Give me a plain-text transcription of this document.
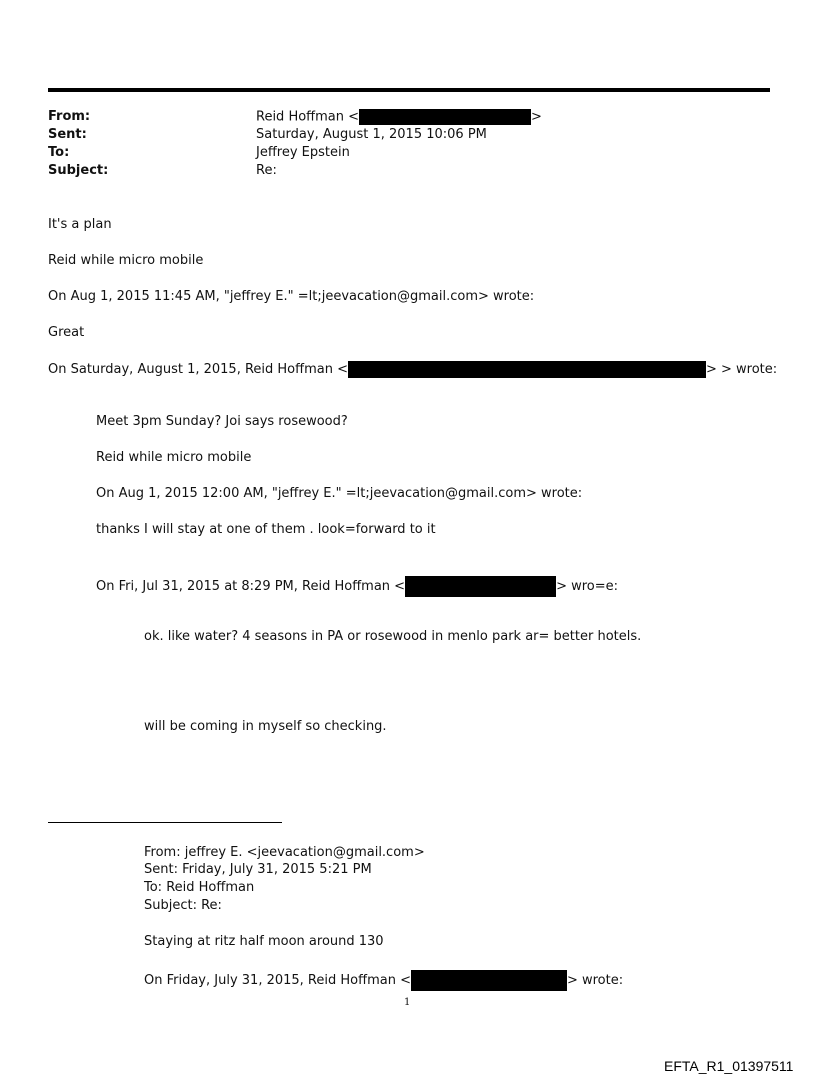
From:	Reid Hoffman <	>
Sent:	Saturday, August 1, 2015 10:06 PM
To:	Jeffrey Epstein
Subject:	Re:
It's a plan
Reid while micro mobile
On Aug 1, 2015 11:45 AM, "jeffrey E." =lt;jeevacation@gmail.com> wrote:
Great
On Saturday, August 1, 2015, Reid Hoffman <	> > wrote:
Meet 3pm Sunday? Joi says rosewood?
Reid while micro mobile
On Aug 1, 2015 12:00 AM, "jeffrey E." =lt;jeevacation@gmail.com> wrote:
thanks I will stay at one of them . look=forward to it
On Fri, Jul 31, 2015 at 8:29 PM, Reid Hoffman <	> wro=e:
ok. like water? 4 seasons in PA or rosewood in menlo park ar= better hotels.
will be coming in myself so checking.
From: jeffrey E. <jeevacation@gmail.com>
Sent: Friday, July 31, 2015 5:21 PM
To: Reid Hoffman
Subject: Re:
Staying at ritz half moon around 130
On Friday, July 31, 2015, Reid Hoffman <	> wrote:
1
EFTA_R1_01397511
